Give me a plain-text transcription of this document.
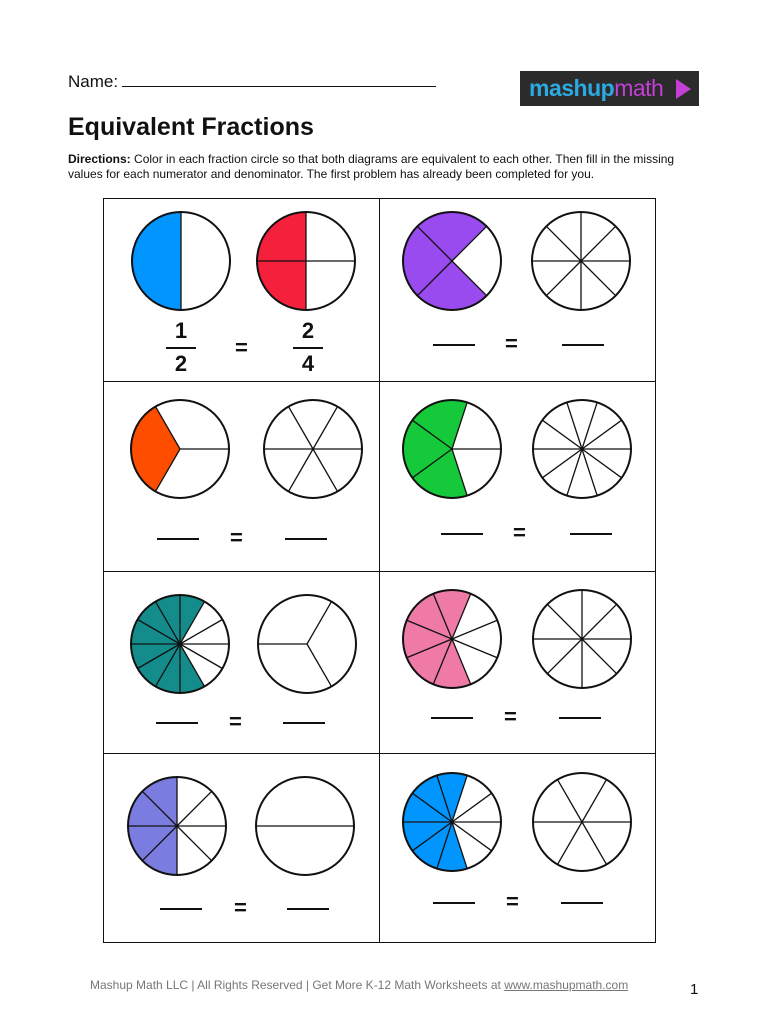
Name:	mashupmath
Equivalent Fractions
Directions: Color in each fraction circle so that both diagrams are equivalent to each other. Then fill in the missing values for each numerator and denominator. The first problem has already been completed for you.
1
2
=
2
4
=
=	=
=	=
=	=
Mashup Math LLC | All Rights Reserved | Get More K-12 Math Worksheets at www.mashupmath.com	1
